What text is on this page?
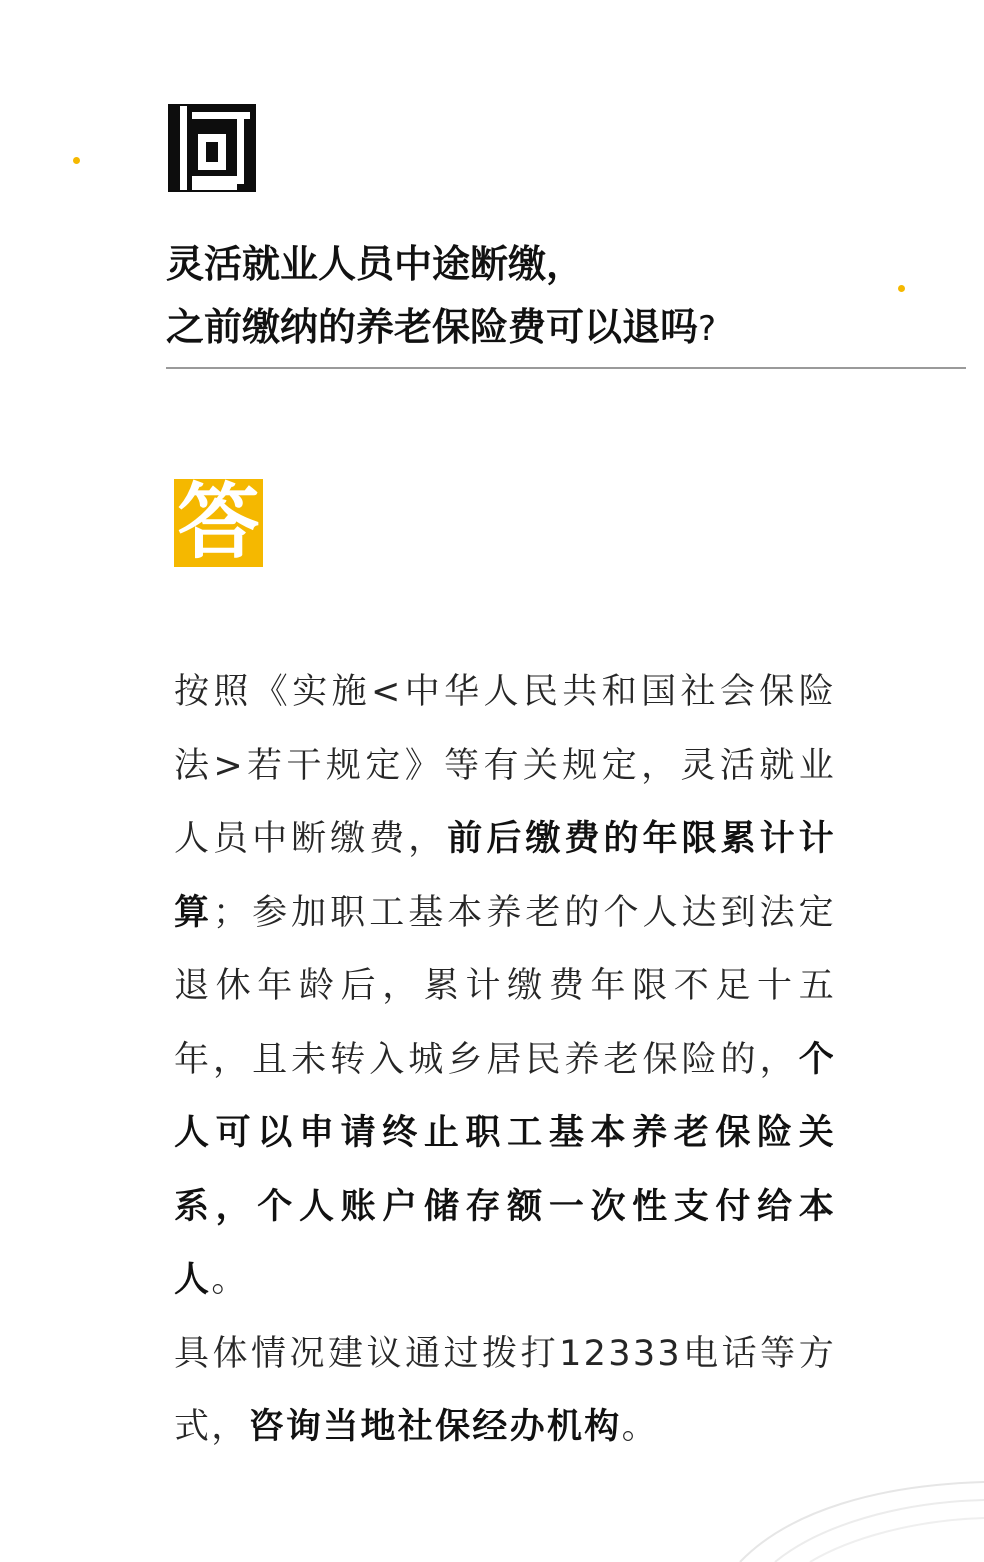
灵活就业人员中途断缴，
之前缴纳的养老保险费可以退吗?
答

按照《实施<中华人民共和国社会保险法>若干规定》等有关规定，灵活就业人员中断缴费，前后缴费的年限累计计算；参加职工基本养老的个人达到法定退休年龄后，累计缴费年限不足十五年，且未转入城乡居民养老保险的，个人可以申请终止职工基本养老保险关系，个人账户储存额一次性支付给本人。

具体情况建议通过拨打12333电话等方式，咨询当地社保经办机构。
